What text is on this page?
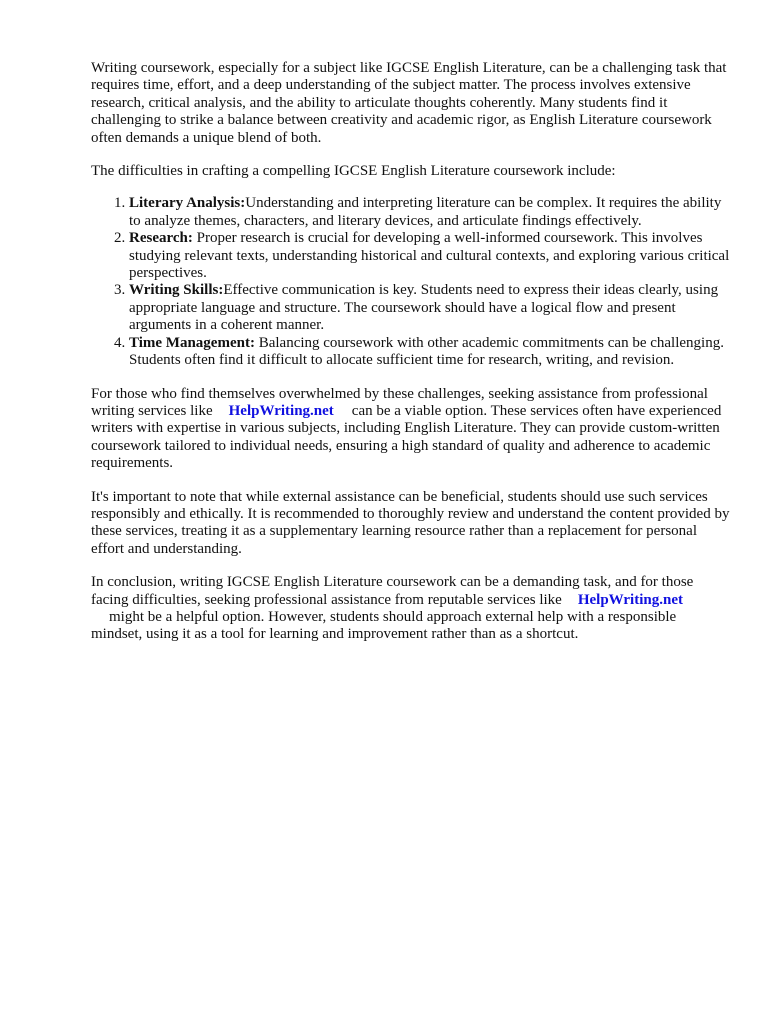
Writing coursework, especially for a subject like IGCSE English Literature, can be a challenging task that requires time, effort, and a deep understanding of the subject matter. The process involves extensive research, critical analysis, and the ability to articulate thoughts coherently. Many students find it challenging to strike a balance between creativity and academic rigor, as English Literature coursework often demands a unique blend of both.

The difficulties in crafting a compelling IGCSE English Literature coursework include:

1. Literary Analysis:Understanding and interpreting literature can be complex. It requires the ability to analyze themes, characters, and literary devices, and articulate findings effectively.
2. Research: Proper research is crucial for developing a well-informed coursework. This involves studying relevant texts, understanding historical and cultural contexts, and exploring various critical perspectives.
3. Writing Skills:Effective communication is key. Students need to express their ideas clearly, using appropriate language and structure. The coursework should have a logical flow and present arguments in a coherent manner.
4. Time Management: Balancing coursework with other academic commitments can be challenging. Students often find it difficult to allocate sufficient time for research, writing, and revision.

For those who find themselves overwhelmed by these challenges, seeking assistance from professional writing services like HelpWriting.net can be a viable option. These services often have experienced writers with expertise in various subjects, including English Literature. They can provide custom-written coursework tailored to individual needs, ensuring a high standard of quality and adherence to academic requirements.

It's important to note that while external assistance can be beneficial, students should use such services responsibly and ethically. It is recommended to thoroughly review and understand the content provided by these services, treating it as a supplementary learning resource rather than a replacement for personal effort and understanding.

In conclusion, writing IGCSE English Literature coursework can be a demanding task, and for those facing difficulties, seeking professional assistance from reputable services like HelpWriting.net
might be a helpful option. However, students should approach external help with a responsible mindset, using it as a tool for learning and improvement rather than as a shortcut.
